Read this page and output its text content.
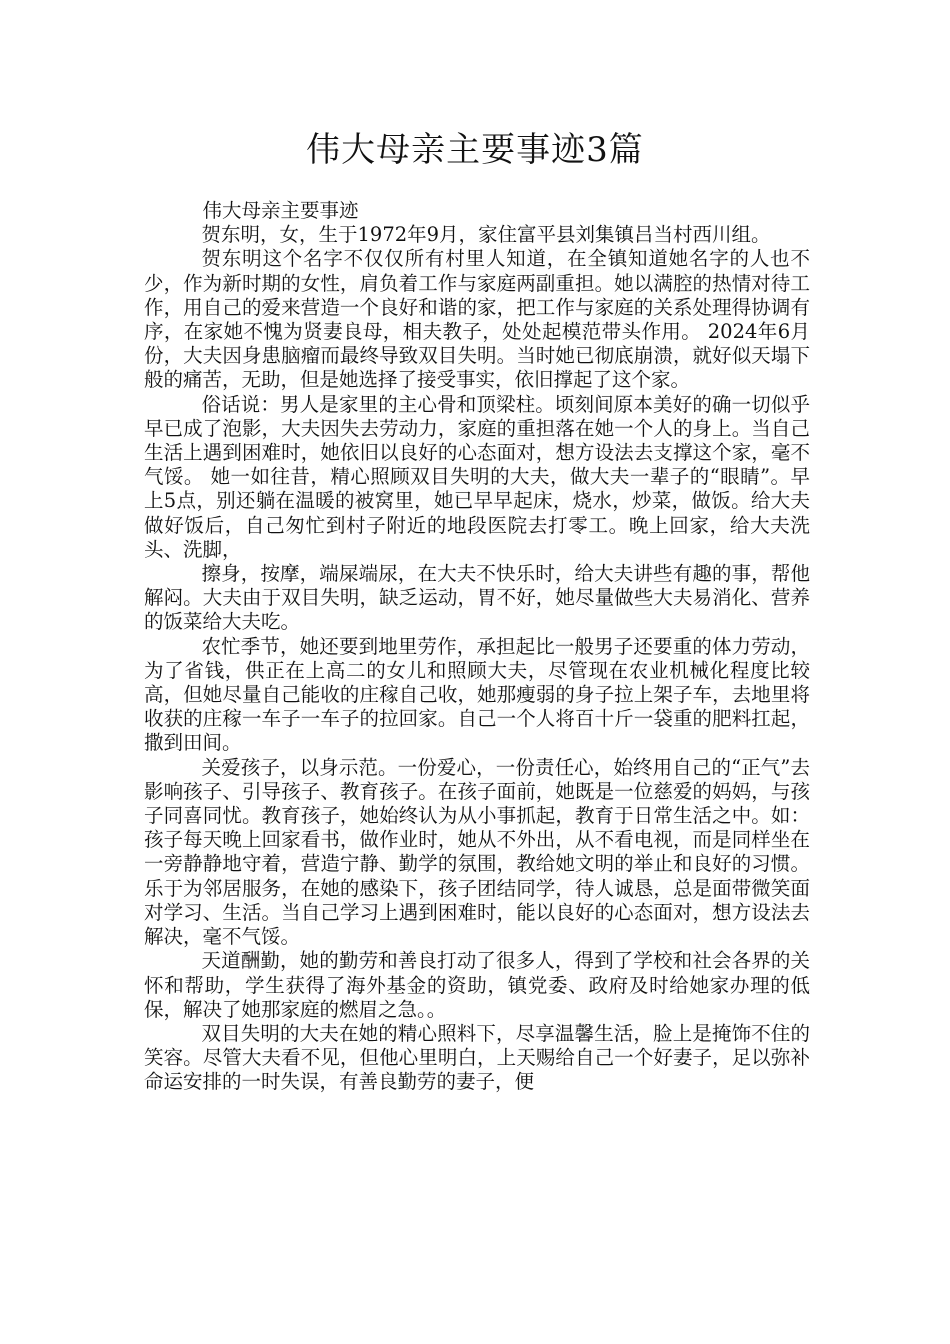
伟大母亲主要事迹3篇

伟大母亲主要事迹

贺东明，女，生于1972年9月，家住富平县刘集镇吕当村西川组。

贺东明这个名字不仅仅所有村里人知道，在全镇知道她名字的人也不少，作为新时期的女性，肩负着工作与家庭两副重担。她以满腔的热情对待工作，用自己的爱来营造一个良好和谐的家，把工作与家庭的关系处理得协调有序，在家她不愧为贤妻良母，相夫教子，处处起模范带头作用。 2024年6月份，大夫因身患脑瘤而最终导致双目失明。当时她已彻底崩溃，就好似天塌下般的痛苦，无助，但是她选择了接受事实，依旧撑起了这个家。

俗话说：男人是家里的主心骨和顶梁柱。顷刻间原本美好的确一切似乎早已成了泡影，大夫因失去劳动力，家庭的重担落在她一个人的身上。当自己生活上遇到困难时，她依旧以良好的心态面对，想方设法去支撑这个家，毫不气馁。 她一如往昔，精心照顾双目失明的大夫，做大夫一辈子的“眼睛”。早上5点，别还躺在温暖的被窝里，她已早早起床，烧水，炒菜，做饭。给大夫做好饭后，自己匆忙到村子附近的地段医院去打零工。晚上回家，给大夫洗头、洗脚，

擦身，按摩，端屎端尿，在大夫不快乐时，给大夫讲些有趣的事，帮他解闷。大夫由于双目失明，缺乏运动，胃不好，她尽量做些大夫易消化、营养的饭菜给大夫吃。

农忙季节，她还要到地里劳作，承担起比一般男子还要重的体力劳动，为了省钱，供正在上高二的女儿和照顾大夫，尽管现在农业机械化程度比较高，但她尽量自己能收的庄稼自己收，她那瘦弱的身子拉上架子车，去地里将收获的庄稼一车子一车子的拉回家。自己一个人将百十斤一袋重的肥料扛起，撒到田间。

关爱孩子，以身示范。一份爱心，一份责任心，始终用自己的“正气”去影响孩子、引导孩子、教育孩子。在孩子面前，她既是一位慈爱的妈妈，与孩子同喜同忧。教育孩子，她始终认为从小事抓起，教育于日常生活之中。如：孩子每天晚上回家看书，做作业时，她从不外出，从不看电视，而是同样坐在一旁静静地守着，营造宁静、勤学的氛围，教给她文明的举止和良好的习惯。乐于为邻居服务，在她的感染下，孩子团结同学，待人诚恳，总是面带微笑面对学习、生活。当自己学习上遇到困难时，能以良好的心态面对，想方设法去解决，毫不气馁。

天道酬勤，她的勤劳和善良打动了很多人，得到了学校和社会各界的关怀和帮助，学生获得了海外基金的资助，镇党委、政府及时给她家办理的低保，解决了她那家庭的燃眉之急。。

双目失明的大夫在她的精心照料下，尽享温馨生活，脸上是掩饰不住的笑容。尽管大夫看不见，但他心里明白，上天赐给自己一个好妻子，足以弥补命运安排的一时失误，有善良勤劳的妻子，便
